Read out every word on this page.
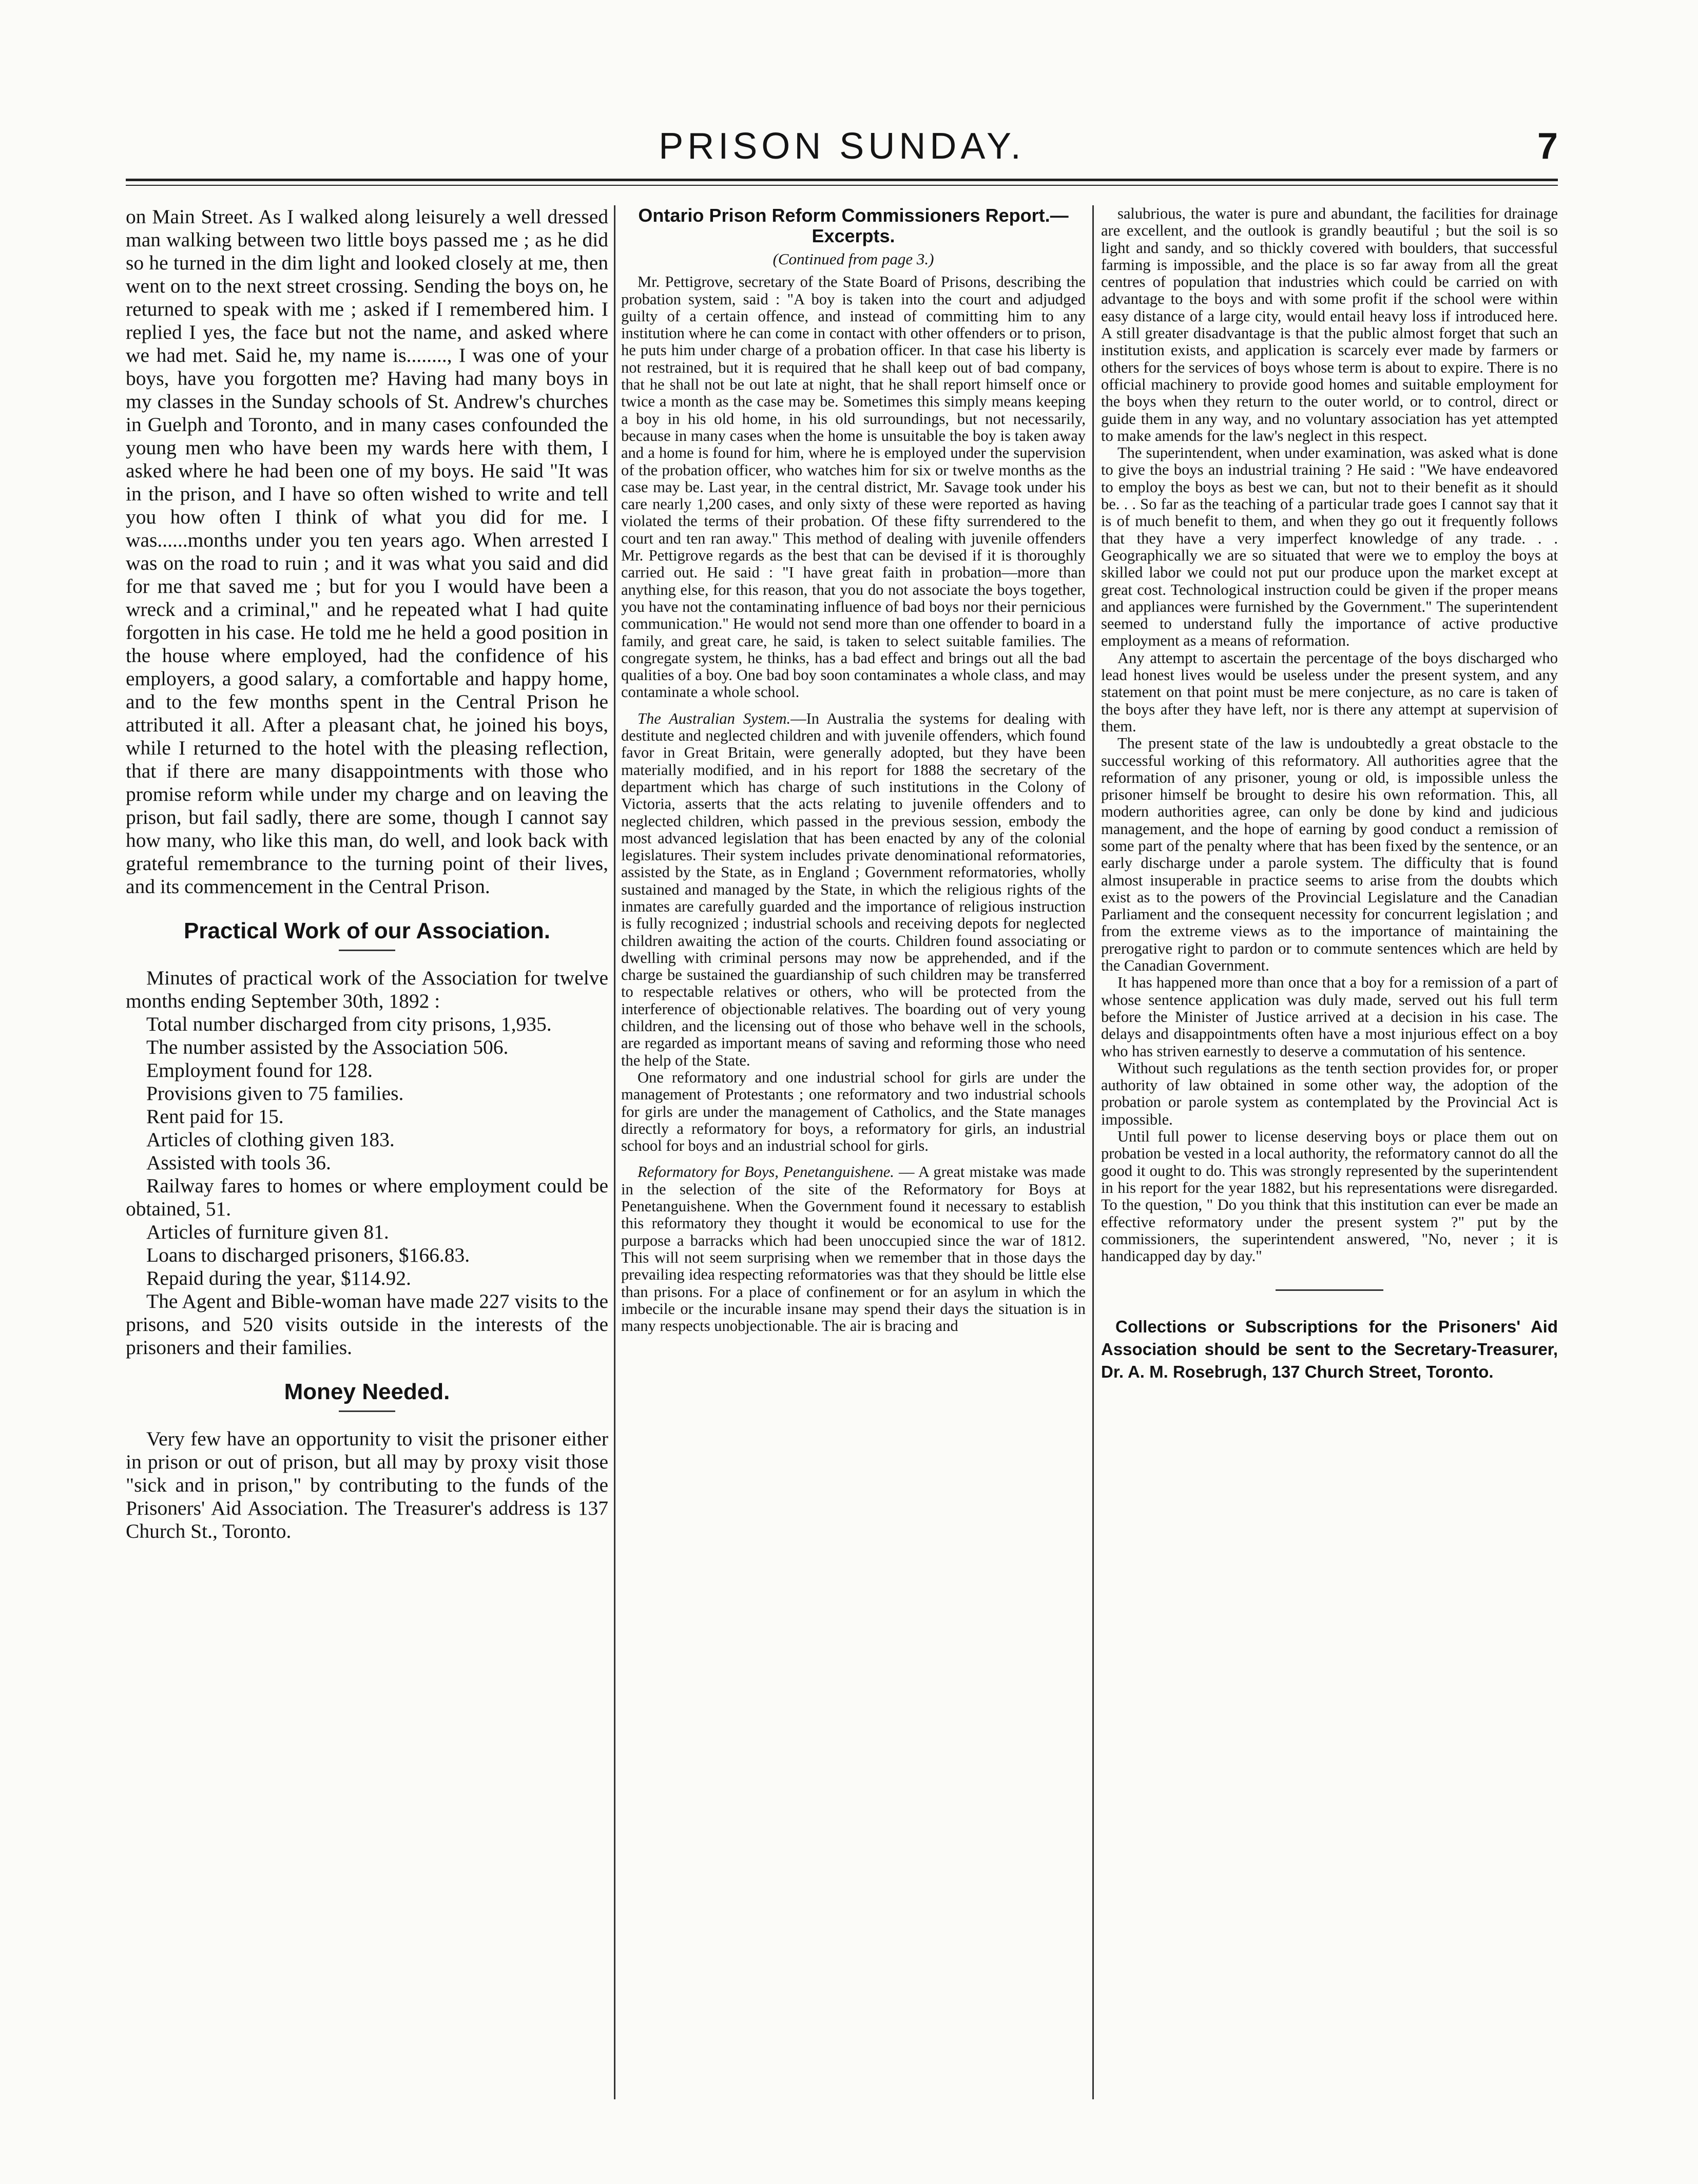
PRISON SUNDAY.	7

on Main Street. As I walked along leisurely a well dressed man walking between two little boys passed me ; as he did so he turned in the dim light and looked closely at me, then went on to the next street crossing. Sending the boys on, he returned to speak with me ; asked if I remembered him. I replied I yes, the face but not the name, and asked where we had met. Said he, my name is........, I was one of your boys, have you forgotten me? Having had many boys in my classes in the Sunday schools of St. Andrew's churches in Guelph and Toronto, and in many cases confounded the young men who have been my wards here with them, I asked where he had been one of my boys. He said "It was in the prison, and I have so often wished to write and tell you how often I think of what you did for me. I was......months under you ten years ago. When arrested I was on the road to ruin ; and it was what you said and did for me that saved me ; but for you I would have been a wreck and a criminal," and he repeated what I had quite forgotten in his case. He told me he held a good position in the house where employed, had the confidence of his employers, a good salary, a comfortable and happy home, and to the few months spent in the Central Prison he attributed it all. After a pleasant chat, he joined his boys, while I returned to the hotel with the pleasing reflection, that if there are many disappointments with those who promise reform while under my charge and on leaving the prison, but fail sadly, there are some, though I cannot say how many, who like this man, do well, and look back with grateful remembrance to the turning point of their lives, and its commencement in the Central Prison.

Practical Work of our Association.

Minutes of practical work of the Association for twelve months ending September 30th, 1892 :

Total number discharged from city prisons, 1,935.

The number assisted by the Association 506.

Employment found for 128.

Provisions given to 75 families.

Rent paid for 15.

Articles of clothing given 183.

Assisted with tools 36.

Railway fares to homes or where employment could be obtained, 51.

Articles of furniture given 81.

Loans to discharged prisoners, $166.83.

Repaid during the year, $114.92.

The Agent and Bible-woman have made 227 visits to the prisons, and 520 visits outside in the interests of the prisoners and their families.

Money Needed.

Very few have an opportunity to visit the prisoner either in prison or out of prison, but all may by proxy visit those "sick and in prison," by contributing to the funds of the Prisoners' Aid Association. The Treasurer's address is 137 Church St., Toronto.

Ontario Prison Reform Commissioners Report.—Excerpts.

(Continued from page 3.)

Mr. Pettigrove, secretary of the State Board of Prisons, describing the probation system, said : "A boy is taken into the court and adjudged guilty of a certain offence, and instead of committing him to any institution where he can come in contact with other offenders or to prison, he puts him under charge of a probation officer. In that case his liberty is not restrained, but it is required that he shall keep out of bad company, that he shall not be out late at night, that he shall report himself once or twice a month as the case may be. Sometimes this simply means keeping a boy in his old home, in his old surroundings, but not necessarily, because in many cases when the home is unsuitable the boy is taken away and a home is found for him, where he is employed under the supervision of the probation officer, who watches him for six or twelve months as the case may be. Last year, in the central district, Mr. Savage took under his care nearly 1,200 cases, and only sixty of these were reported as having violated the terms of their probation. Of these fifty surrendered to the court and ten ran away." This method of dealing with juvenile offenders Mr. Pettigrove regards as the best that can be devised if it is thoroughly carried out. He said : "I have great faith in probation—more than anything else, for this reason, that you do not associate the boys together, you have not the contaminating influence of bad boys nor their pernicious communication." He would not send more than one offender to board in a family, and great care, he said, is taken to select suitable families. The congregate system, he thinks, has a bad effect and brings out all the bad qualities of a boy. One bad boy soon contaminates a whole class, and may contaminate a whole school.

The Australian System.—In Australia the systems for dealing with destitute and neglected children and with juvenile offenders, which found favor in Great Britain, were generally adopted, but they have been materially modified, and in his report for 1888 the secretary of the department which has charge of such institutions in the Colony of Victoria, asserts that the acts relating to juvenile offenders and to neglected children, which passed in the previous session, embody the most advanced legislation that has been enacted by any of the colonial legislatures. Their system includes private denominational reformatories, assisted by the State, as in England ; Government reformatories, wholly sustained and managed by the State, in which the religious rights of the inmates are carefully guarded and the importance of religious instruction is fully recognized ; industrial schools and receiving depots for neglected children awaiting the action of the courts. Children found associating or dwelling with criminal persons may now be apprehended, and if the charge be sustained the guardianship of such children may be transferred to respectable relatives or others, who will be protected from the interference of objectionable relatives. The boarding out of very young children, and the licensing out of those who behave well in the schools, are regarded as important means of saving and reforming those who need the help of the State.

One reformatory and one industrial school for girls are under the management of Protestants ; one reformatory and two industrial schools for girls are under the management of Catholics, and the State manages directly a reformatory for boys, a reformatory for girls, an industrial school for boys and an industrial school for girls.

Reformatory for Boys, Penetanguishene. — A great mistake was made in the selection of the site of the Reformatory for Boys at Penetanguishene. When the Government found it necessary to establish this reformatory they thought it would be economical to use for the purpose a barracks which had been unoccupied since the war of 1812. This will not seem surprising when we remember that in those days the prevailing idea respecting reformatories was that they should be little else than prisons. For a place of confinement or for an asylum in which the imbecile or the incurable insane may spend their days the situation is in many respects unobjectionable. The air is bracing and

salubrious, the water is pure and abundant, the facilities for drainage are excellent, and the outlook is grandly beautiful ; but the soil is so light and sandy, and so thickly covered with boulders, that successful farming is impossible, and the place is so far away from all the great centres of population that industries which could be carried on with advantage to the boys and with some profit if the school were within easy distance of a large city, would entail heavy loss if introduced here. A still greater disadvantage is that the public almost forget that such an institution exists, and application is scarcely ever made by farmers or others for the services of boys whose term is about to expire. There is no official machinery to provide good homes and suitable employment for the boys when they return to the outer world, or to control, direct or guide them in any way, and no voluntary association has yet attempted to make amends for the law's neglect in this respect.

The superintendent, when under examination, was asked what is done to give the boys an industrial training ? He said : "We have endeavored to employ the boys as best we can, but not to their benefit as it should be. . . So far as the teaching of a particular trade goes I cannot say that it is of much benefit to them, and when they go out it frequently follows that they have a very imperfect knowledge of any trade. . . Geographically we are so situated that were we to employ the boys at skilled labor we could not put our produce upon the market except at great cost. Technological instruction could be given if the proper means and appliances were furnished by the Government." The superintendent seemed to understand fully the importance of active productive employment as a means of reformation.

Any attempt to ascertain the percentage of the boys discharged who lead honest lives would be useless under the present system, and any statement on that point must be mere conjecture, as no care is taken of the boys after they have left, nor is there any attempt at supervision of them.

The present state of the law is undoubtedly a great obstacle to the successful working of this reformatory. All authorities agree that the reformation of any prisoner, young or old, is impossible unless the prisoner himself be brought to desire his own reformation. This, all modern authorities agree, can only be done by kind and judicious management, and the hope of earning by good conduct a remission of some part of the penalty where that has been fixed by the sentence, or an early discharge under a parole system. The difficulty that is found almost insuperable in practice seems to arise from the doubts which exist as to the powers of the Provincial Legislature and the Canadian Parliament and the consequent necessity for concurrent legislation ; and from the extreme views as to the importance of maintaining the prerogative right to pardon or to commute sentences which are held by the Canadian Government.

It has happened more than once that a boy for a remission of a part of whose sentence application was duly made, served out his full term before the Minister of Justice arrived at a decision in his case. The delays and disappointments often have a most injurious effect on a boy who has striven earnestly to deserve a commutation of his sentence.

Without such regulations as the tenth section provides for, or proper authority of law obtained in some other way, the adoption of the probation or parole system as contemplated by the Provincial Act is impossible.

Until full power to license deserving boys or place them out on probation be vested in a local authority, the reformatory cannot do all the good it ought to do. This was strongly represented by the superintendent in his report for the year 1882, but his representations were disregarded. To the question, " Do you think that this institution can ever be made an effective reformatory under the present system ?" put by the commissioners, the superintendent answered, "No, never ; it is handicapped day by day."

Collections or Subscriptions for the Prisoners' Aid Association should be sent to the Secretary-Treasurer, Dr. A. M. Rosebrugh, 137 Church Street, Toronto.
